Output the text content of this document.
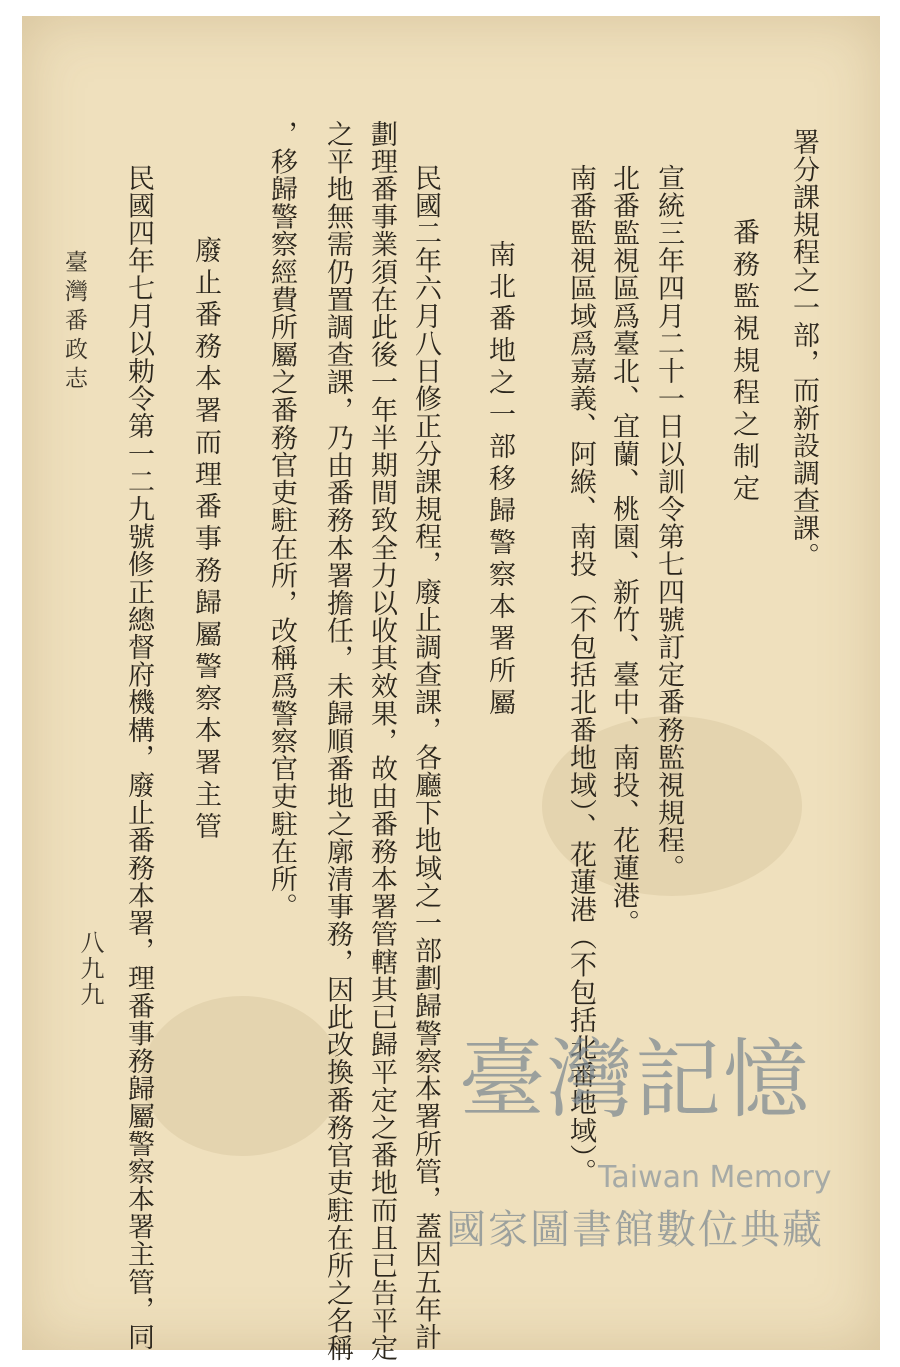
署分課規程之一部，而新設調查課。
番務監視規程之制定
宣統三年四月二十一日以訓令第七四號訂定番務監視規程。
北番監視區爲臺北、宜蘭、桃園、新竹、臺中、南投、花蓮港。
南番監視區域爲嘉義、阿緱、南投（不包括北番地域）、花蓮港（不包括北番地域）。
南北番地之一部移歸警察本署所屬
民國二年六月八日修正分課規程，廢止調查課，各廳下地域之一部劃歸警察本署所管，蓋因五年計
劃理番事業須在此後一年半期間致全力以收其效果，故由番務本署管轄其已歸平定之番地而且已告平定
之平地無需仍置調查課，乃由番務本署擔任，未歸順番地之廓清事務，因此改換番務官吏駐在所之名稱
，移歸警察經費所屬之番務官吏駐在所，改稱爲警察官吏駐在所。
廢止番務本署而理番事務歸屬警察本署主管
民國四年七月以勅令第一二九號修正總督府機構，廢止番務本署，理番事務歸屬警察本署主管，同
臺灣番政志
八九九
臺灣記憶
Taiwan Memory
國家圖書館數位典藏
